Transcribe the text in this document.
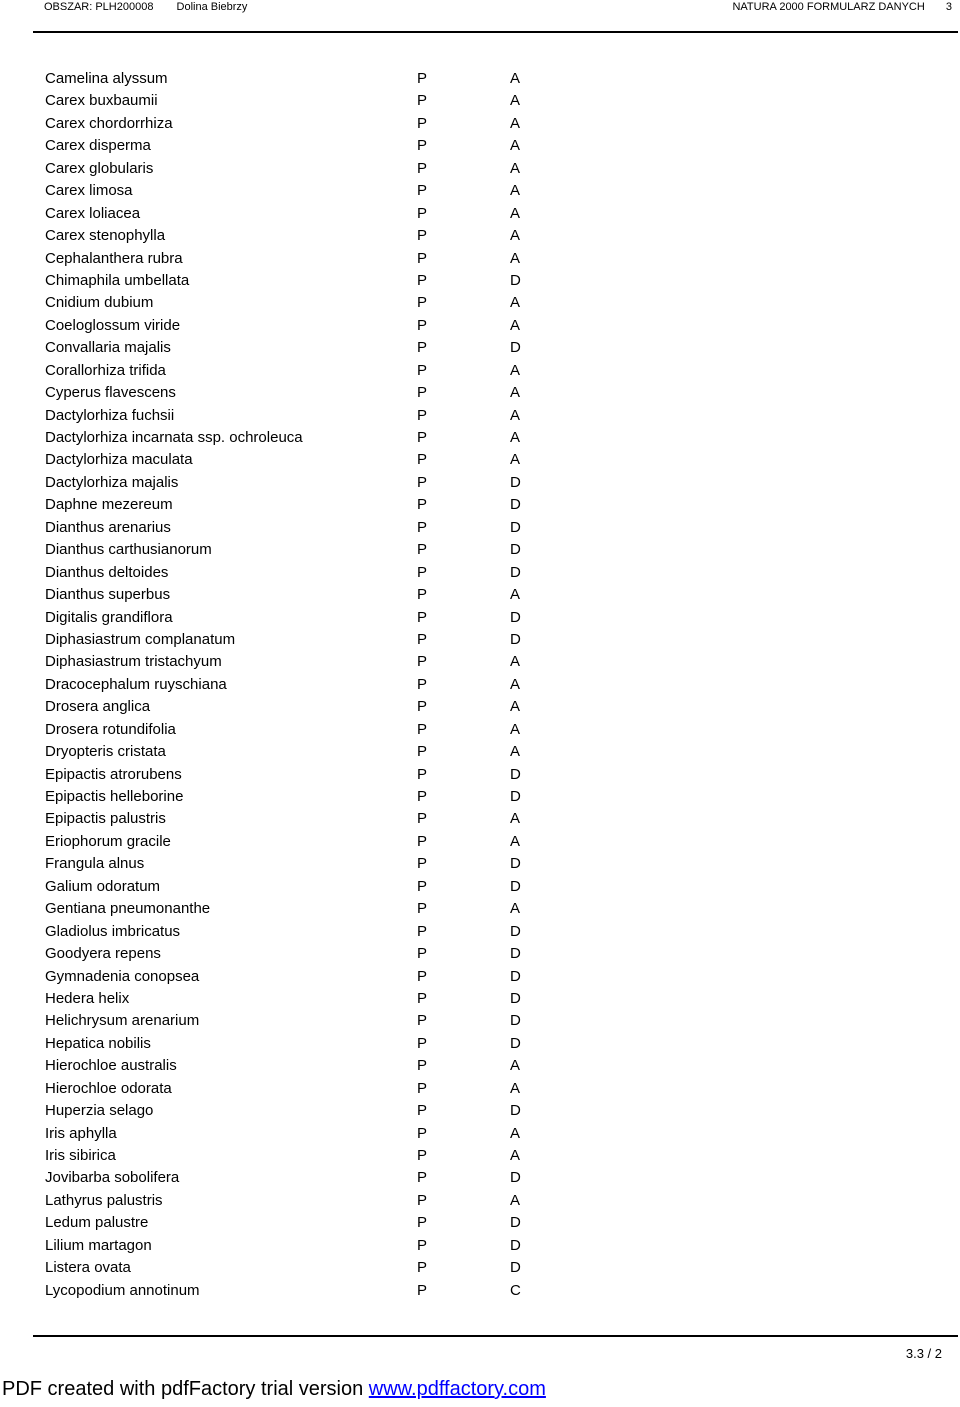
OBSZAR: PLH200008 Dolina Biebrzy	NATURA 2000 FORMULARZ DANYCH 3
Camelina alyssum	P	A
Carex buxbaumii	P	A
Carex chordorrhiza	P	A
Carex disperma	P	A
Carex globularis	P	A
Carex limosa	P	A
Carex loliacea	P	A
Carex stenophylla	P	A
Cephalanthera rubra	P	A
Chimaphila umbellata	P	D
Cnidium dubium	P	A
Coeloglossum viride	P	A
Convallaria majalis	P	D
Corallorhiza trifida	P	A
Cyperus flavescens	P	A
Dactylorhiza fuchsii	P	A
Dactylorhiza incarnata ssp. ochroleuca	P	A
Dactylorhiza maculata	P	A
Dactylorhiza majalis	P	D
Daphne mezereum	P	D
Dianthus arenarius	P	D
Dianthus carthusianorum	P	D
Dianthus deltoides	P	D
Dianthus superbus	P	A
Digitalis grandiflora	P	D
Diphasiastrum complanatum	P	D
Diphasiastrum tristachyum	P	A
Dracocephalum ruyschiana	P	A
Drosera anglica	P	A
Drosera rotundifolia	P	A
Dryopteris cristata	P	A
Epipactis atrorubens	P	D
Epipactis helleborine	P	D
Epipactis palustris	P	A
Eriophorum gracile	P	A
Frangula alnus	P	D
Galium odoratum	P	D
Gentiana pneumonanthe	P	A
Gladiolus imbricatus	P	D
Goodyera repens	P	D
Gymnadenia conopsea	P	D
Hedera helix	P	D
Helichrysum arenarium	P	D
Hepatica nobilis	P	D
Hierochloe australis	P	A
Hierochloe odorata	P	A
Huperzia selago	P	D
Iris aphylla	P	A
Iris sibirica	P	A
Jovibarba sobolifera	P	D
Lathyrus palustris	P	A
Ledum palustre	P	D
Lilium martagon	P	D
Listera ovata	P	D
Lycopodium annotinum	P	C
3.3 / 2
PDF created with pdfFactory trial version www.pdffactory.com
